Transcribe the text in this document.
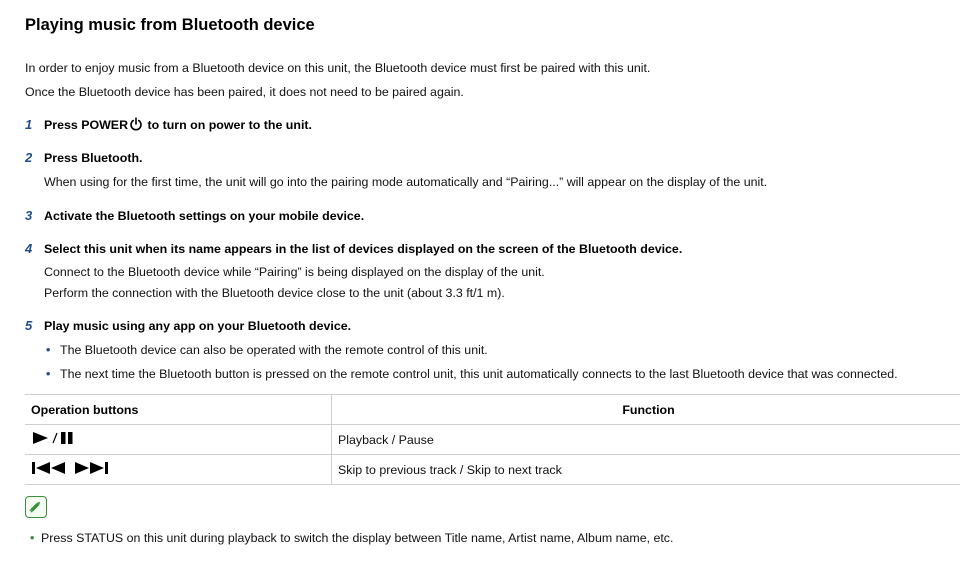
Playing music from Bluetooth device
In order to enjoy music from a Bluetooth device on this unit, the Bluetooth device must first be paired with this unit.
Once the Bluetooth device has been paired, it does not need to be paired again.
1 Press POWER to turn on power to the unit.
2 Press Bluetooth.
When using for the first time, the unit will go into the pairing mode automatically and “Pairing...” will appear on the display of the unit.
3 Activate the Bluetooth settings on your mobile device.
4 Select this unit when its name appears in the list of devices displayed on the screen of the Bluetooth device.
Connect to the Bluetooth device while “Pairing” is being displayed on the display of the unit.
Perform the connection with the Bluetooth device close to the unit (about 3.3 ft/1 m).
5 Play music using any app on your Bluetooth device.
• The Bluetooth device can also be operated with the remote control of this unit.
• The next time the Bluetooth button is pressed on the remote control unit, this unit automatically connects to the last Bluetooth device that was connected.
Operation buttons	Function
	Playback / Pause
	Skip to previous track / Skip to next track
• Press STATUS on this unit during playback to switch the display between Title name, Artist name, Album name, etc.
